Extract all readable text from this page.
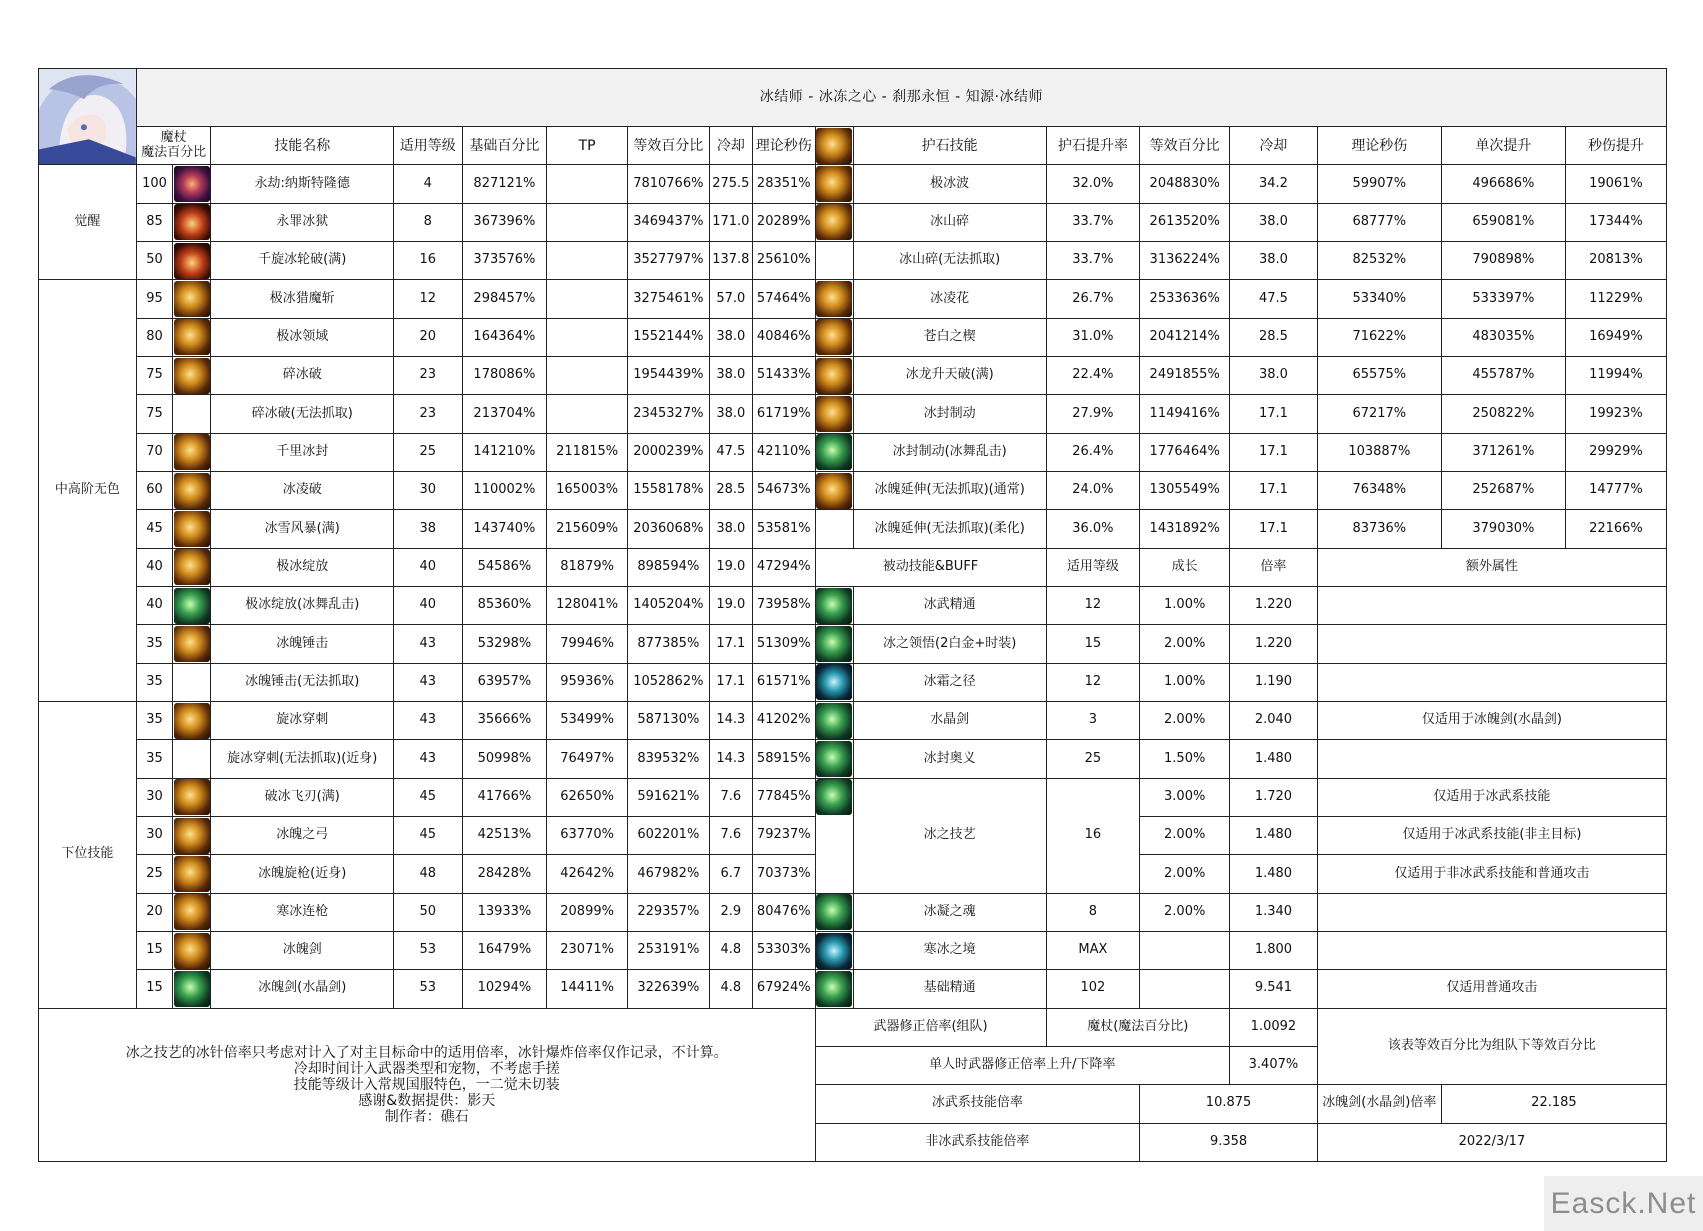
	冰结师 - 冰冻之心 - 刹那永恒 - 知源·冰结师																
	魔杖
魔法百分比		技能名称	适用等级	基础百分比	TP	等效百分比	冷却	理论秒伤		护石技能	护石提升率	等效百分比	冷却	理论秒伤	单次提升	秒伤提升
觉醒	100		永劫:纳斯特隆德	4	827121%		7810766%	275.5	28351%		极冰波	32.0%	2048830%	34.2	59907%	496686%	19061%
	85		永罪冰狱	8	367396%		3469437%	171.0	20289%		冰山碎	33.7%	2613520%	38.0	68777%	659081%	17344%
	50		千旋冰轮破(满)	16	373576%		3527797%	137.8	25610%		冰山碎(无法抓取)	33.7%	3136224%	38.0	82532%	790898%	20813%
中高阶无色	95		极冰猎魔斩	12	298457%		3275461%	57.0	57464%		冰凌花	26.7%	2533636%	47.5	53340%	533397%	11229%
	80		极冰领域	20	164364%		1552144%	38.0	40846%		苍白之楔	31.0%	2041214%	28.5	71622%	483035%	16949%
	75		碎冰破	23	178086%		1954439%	38.0	51433%		冰龙升天破(满)	22.4%	2491855%	38.0	65575%	455787%	11994%
	75		碎冰破(无法抓取)	23	213704%		2345327%	38.0	61719%		冰封制动	27.9%	1149416%	17.1	67217%	250822%	19923%
	70		千里冰封	25	141210%	211815%	2000239%	47.5	42110%		冰封制动(冰舞乱击)	26.4%	1776464%	17.1	103887%	371261%	29929%
	60		冰凌破	30	110002%	165003%	1558178%	28.5	54673%		冰魄延伸(无法抓取)(通常)	24.0%	1305549%	17.1	76348%	252687%	14777%
	45		冰雪风暴(满)	38	143740%	215609%	2036068%	38.0	53581%		冰魄延伸(无法抓取)(柔化)	36.0%	1431892%	17.1	83736%	379030%	22166%
	40		极冰绽放	40	54586%	81879%	898594%	19.0	47294%	被动技能&BUFF		适用等级	成长	倍率	额外属性		
	40		极冰绽放(冰舞乱击)	40	85360%	128041%	1405204%	19.0	73958%		冰武精通	12	1.00%	1.220			
	35		冰魄锤击	43	53298%	79946%	877385%	17.1	51309%		冰之领悟(2白金+时装)	15	2.00%	1.220			
	35		冰魄锤击(无法抓取)	43	63957%	95936%	1052862%	17.1	61571%		冰霜之径	12	1.00%	1.190			
下位技能	35		旋冰穿刺	43	35666%	53499%	587130%	14.3	41202%		水晶剑	3	2.00%	2.040	仅适用于冰魄剑(水晶剑)		
	35		旋冰穿刺(无法抓取)(近身)	43	50998%	76497%	839532%	14.3	58915%		冰封奥义	25	1.50%	1.480			
	30		破冰飞刃(满)	45	41766%	62650%	591621%	7.6	77845%		冰之技艺	16	3.00%	1.720	仅适用于冰武系技能		
	30		冰魄之弓	45	42513%	63770%	602201%	7.6	79237%				2.00%	1.480	仅适用于冰武系技能(非主目标)		
	25		冰魄旋枪(近身)	48	28428%	42642%	467982%	6.7	70373%				2.00%	1.480	仅适用于非冰武系技能和普通攻击		
	20		寒冰连枪	50	13933%	20899%	229357%	2.9	80476%		冰凝之魂	8	2.00%	1.340			
	15		冰魄剑	53	16479%	23071%	253191%	4.8	53303%		寒冰之境	MAX		1.800			
	15		冰魄剑(水晶剑)	53	10294%	14411%	322639%	4.8	67924%		基础精通	102		9.541	仅适用普通攻击		

冰之技艺的冰针倍率只考虑对计入了对主目标命中的适用倍率，冰针爆炸倍率仅作记录，不计算。
冷却时间计入武器类型和宠物，不考虑手搓
技能等级计入常规国服特色，一二觉未切装
感谢&数据提供：影天
制作者：礁石										武器修正倍率(组队)		魔杖(魔法百分比)		1.0092	该表等效百分比为组队下等效百分比		
										单人时武器修正倍率上升/下降率				3.407%			
										冰武系技能倍率			10.875		冰魄剑(水晶剑)倍率	22.185	
										非冰武系技能倍率			9.358		2022/3/17		
Easck.Net
